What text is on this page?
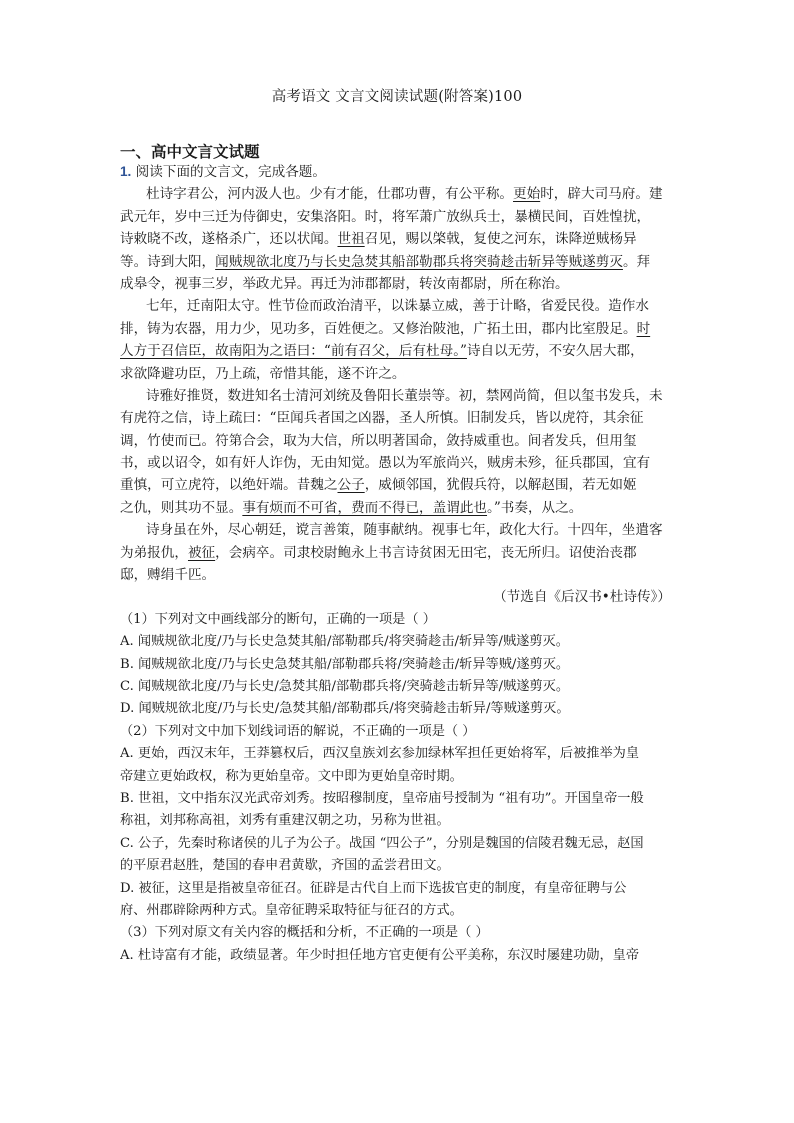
高考语文 文言文阅读试题(附答案)100
一、高中文言文试题
1. 阅读下面的文言文，完成各题。
杜诗字君公，河内汲人也。少有才能，仕郡功曹，有公平称。更始时，辟大司马府。建
武元年，岁中三迁为侍御史，安集洛阳。时，将军萧广放纵兵士，暴横民间，百姓惶扰，
诗敕晓不改，遂格杀广，还以状闻。世祖召见，赐以棨戟，复使之河东，诛降逆贼杨异
等。诗到大阳，闻贼规欲北度乃与长史急焚其船部勒郡兵将突骑趁击斩异等贼遂剪灭。拜
成皋令，视事三岁，举政尤异。再迁为沛郡都尉，转汝南都尉，所在称治。
七年，迁南阳太守。性节俭而政治清平，以诛暴立威，善于计略，省爱民役。造作水
排，铸为农器，用力少，见功多，百姓便之。又修治陂池，广拓土田，郡内比室殷足。时
人方于召信臣，故南阳为之语曰：“前有召父，后有杜母。”诗自以无劳，不安久居大郡，
求欲降避功臣，乃上疏，帝惜其能，遂不许之。
诗雅好推贤，数进知名士清河刘统及鲁阳长董崇等。初，禁网尚简，但以玺书发兵，未
有虎符之信，诗上疏曰：“臣闻兵者国之凶器，圣人所慎。旧制发兵，皆以虎符，其余征
调，竹使而已。符第合会，取为大信，所以明著国命，敛持威重也。间者发兵，但用玺
书，或以诏令，如有奸人诈伪，无由知觉。愚以为军旅尚兴，贼虏未殄，征兵郡国，宜有
重慎，可立虎符，以绝奸端。昔魏之公子，威倾邻国，犹假兵符，以解赵围，若无如姬
之仇，则其功不显。事有烦而不可省，费而不得已，盖谓此也。”书奏，从之。
诗身虽在外，尽心朝廷，谠言善策，随事献纳。视事七年，政化大行。十四年，坐遣客
为弟报仇，被征，会病卒。司隶校尉鲍永上书言诗贫困无田宅，丧无所归。诏使治丧郡
邸，赙绢千匹。
（节选自《后汉书•杜诗传》）
（1）下列对文中画线部分的断句，正确的一项是（ ）
A. 闻贼规欲北度/乃与长史急焚其船/部勒郡兵/将突骑趁击/斩异等/贼遂剪灭。
B. 闻贼规欲北度/乃与长史急焚其船/部勒郡兵将/突骑趁击/斩异等贼/遂剪灭。
C. 闻贼规欲北度/乃与长史/急焚其船/部勒郡兵将/突骑趁击斩异等/贼遂剪灭。
D. 闻贼规欲北度/乃与长史/急焚其船/部勒郡兵/将突骑趁击斩异/等贼遂剪灭。
（2）下列对文中加下划线词语的解说，不正确的一项是（ ）
A. 更始，西汉末年，王莽篡权后，西汉皇族刘玄参加绿林军担任更始将军，后被推举为皇
帝建立更始政权，称为更始皇帝。文中即为更始皇帝时期。
B. 世祖，文中指东汉光武帝刘秀。按昭穆制度，皇帝庙号授制为 “祖有功”。开国皇帝一般
称祖，刘邦称高祖，刘秀有重建汉朝之功，另称为世祖。
C. 公子，先秦时称诸侯的儿子为公子。战国 “四公子”，分别是魏国的信陵君魏无忌，赵国
的平原君赵胜，楚国的春申君黄歇，齐国的孟尝君田文。
D. 被征，这里是指被皇帝征召。征辟是古代自上而下选拔官吏的制度，有皇帝征聘与公
府、州郡辟除两种方式。皇帝征聘采取特征与征召的方式。
（3）下列对原文有关内容的概括和分析，不正确的一项是（ ）
A. 杜诗富有才能，政绩显著。年少时担任地方官吏便有公平美称，东汉时屡建功勋，皇帝
